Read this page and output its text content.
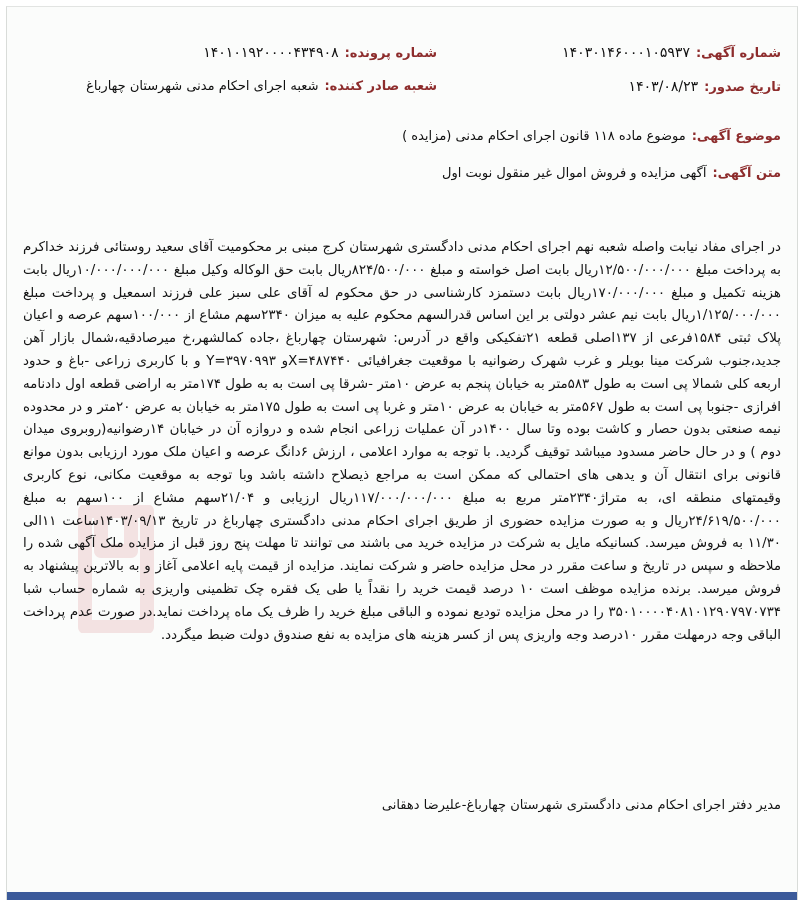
شماره آگهی:
۱۴۰۳۰۱۴۶۰۰۰۱۰۵۹۳۷
شماره پرونده:
۱۴۰۱۰۱۹۲۰۰۰۰۴۳۴۹۰۸
تاریخ صدور:
۱۴۰۳/۰۸/۲۳
شعبه صادر کننده:
شعبه اجرای احکام مدنی شهرستان چهارباغ
موضوع آگهی:
موضوع ماده ۱۱۸ قانون اجرای احکام مدنی (مزایده )
متن آگهی:
آگهی مزایده و فروش اموال غیر منقول نوبت اول

در اجرای مفاد نیابت واصله شعبه نهم اجرای احکام مدنی دادگستری شهرستان کرج مبنی بر محکومیت آقای سعید روستائی فرزند خداکرم به پرداخت مبلغ ۱۲/۵۰۰/۰۰۰/۰۰۰ریال بابت اصل خواسته و مبلغ ۸۲۴/۵۰۰/۰۰۰ریال بابت حق الوکاله وکیل مبلغ ۱۰/۰۰۰/۰۰۰/۰۰۰ریال بابت هزینه تکمیل و مبلغ ۱۷۰/۰۰۰/۰۰۰ریال بابت دستمزد کارشناسی در حق محکوم له آقای علی سبز علی فرزند اسمعیل و پرداخت مبلغ ۱/۱۲۵/۰۰۰/۰۰۰ریال بابت نیم عشر دولتی بر این اساس قدرالسهم محکوم علیه به میزان ۲۳۴۰سهم مشاع از ۱۰۰/۰۰۰سهم عرصه و اعیان پلاک ثبتی ۱۵۸۴فرعی از ۱۳۷اصلی قطعه ۲۱تفکیکی واقع در آدرس: شهرستان چهارباغ ،جاده کمالشهر،خ میرصادقیه،شمال بازار آهن جدید،جنوب شرکت مینا بویلر و غرب شهرک رضوانیه با موقعیت جغرافیائی X=۴۸۷۴۴۰و Y=۳۹۷۰۹۹۳ و با کاربری زراعی -باغ و حدود اربعه کلی شمالا پی است به طول ۵۸۳متر به خیابان پنجم به عرض ۱۰متر -شرقا پی است به به طول ۱۷۴متر به اراضی قطعه اول دادنامه افرازی -جنوبا پی است به طول ۵۶۷متر به خیابان به عرض ۱۰متر و غربا پی است به طول ۱۷۵متر به خیابان به عرض ۲۰متر و در محدوده نیمه صنعتی بدون حصار و کاشت بوده وتا سال ۱۴۰۰در آن عملیات زراعی انجام شده و دروازه آن در خیابان ۱۴رضوانیه(روبروی میدان دوم ) و در حال حاضر مسدود میباشد توقیف گردید. با توجه به موارد اعلامی ، ارزش ۶دانگ عرصه و اعیان ملک مورد ارزیابی بدون موانع قانونی برای انتقال آن و یدهی های احتمالی که ممکن است به مراجع ذیصلاح داشته باشد وبا توجه به موقعیت مکانی، نوع کاربری وقیمتهای منطقه ای، به متراژ۲۳۴۰متر مربع به مبلغ ۱۱۷/۰۰۰/۰۰۰/۰۰۰ریال ارزیابی و ۲۱/۰۴سهم مشاع از ۱۰۰سهم به مبلغ ۲۴/۶۱۹/۵۰۰/۰۰۰ریال و به صورت مزایده حضوری از طریق اجرای احکام مدنی دادگستری چهارباغ در تاریخ ۱۴۰۳/۰۹/۱۳ساعت ۱۱الی ۱۱/۳۰ به فروش میرسد. کسانیکه مایل به شرکت در مزایده خرید می باشند می توانند تا مهلت پنج روز قبل از مزایده ملک آگهی شده را ملاحظه و سپس در تاریخ و ساعت مقرر در محل مزایده حاضر و شرکت نمایند. مزایده از قیمت پایه اعلامی آغاز و به بالاترین پیشنهاد به فروش میرسد. برنده مزایده موظف است ۱۰ درصد قیمت خرید را نقداً یا طی یک فقره چک تظمینی واریزی به شماره حساب شبا ۳۵۰۱۰۰۰۰۴۰۸۱۰۱۲۹۰۷۹۷۰۷۳۴ را در محل مزایده تودیع نموده و الباقی مبلغ خرید را ظرف یک ماه پرداخت نماید.در صورت عدم پرداخت الباقی وجه درمهلت مقرر ۱۰درصد وجه واریزی پس از کسر هزینه های مزایده به نفع صندوق دولت ضبط میگردد.

مدیر دفتر اجرای احکام مدنی دادگستری شهرستان چهارباغ-علیرضا دهقانی
